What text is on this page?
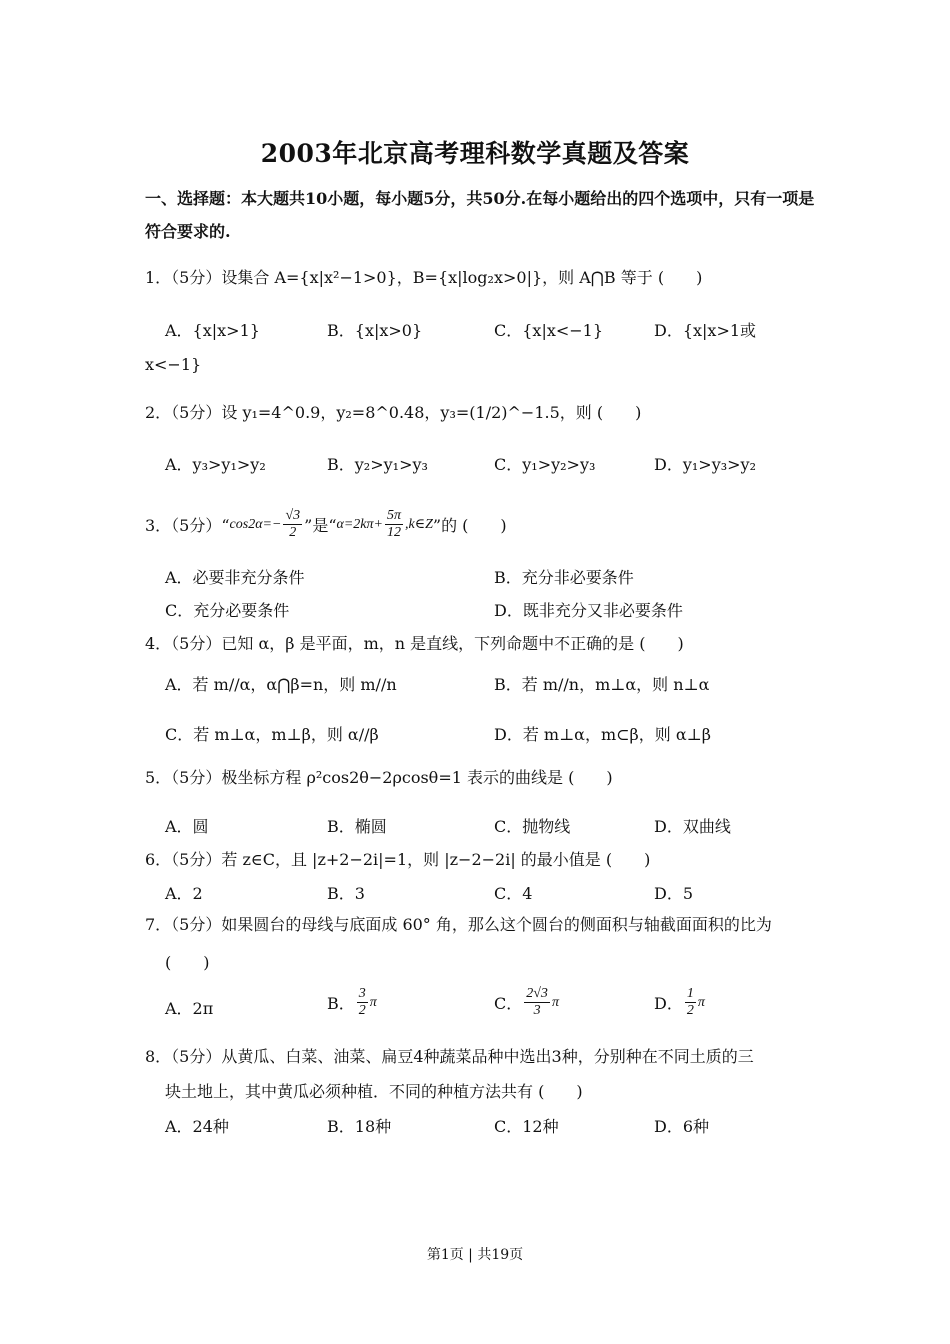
2003年北京高考理科数学真题及答案
一、选择题：本大题共10小题，每小题5分，共50分.在每小题给出的四个选项中，只有一项是符合要求的.
1．（5分）设集合 A={x|x²−1>0}，B={x|log₂x>0|}，则 A⋂B 等于 (　　)
A．{x|x>1}	B．{x|x>0}	C．{x|x<−1}	D．{x|x>1或
x<−1}
2．（5分）设 y₁=4^0.9，y₂=8^0.48，y₃=(1/2)^−1.5，则 (　　)
A．y₃>y₁>y₂	B．y₂>y₁>y₃	C．y₁>y₂>y₃	D．y₁>y₃>y₂
3．（5分）“ $\cos 2\alpha=- \frac{√3}{2}$ ”是“ $\alpha=2k\pi+ \frac{5\pi}{12}$ ,k∈Z ”的 (　　)
A．必要非充分条件	B．充分非必要条件
C．充分必要条件	D．既非充分又非必要条件
4．（5分）已知 α，β 是平面，m，n 是直线，下列命题中不正确的是 (　　)
A．若 m//α，α⋂β=n，则 m//n	B．若 m//n，m⊥α，则 n⊥α
C．若 m⊥α，m⊥β，则 α//β	D．若 m⊥α，m⊂β，则 α⊥β
5．（5分）极坐标方程 ρ²cos2θ−2ρcosθ=1 表示的曲线是 (　　)
A．圆	B．椭圆	C．抛物线	D．双曲线
6．（5分）若 z∈C，且 |z+2−2i|=1，则 |z−2−2i| 的最小值是 (　　)
A．2	B．3	C．4	D．5
7．（5分）如果圆台的母线与底面成 60° 角，那么这个圆台的侧面积与轴截面面积的比为
(　　)
A．2π	B． $\frac{3}{2}$ π	C． $\frac{2√3}{3}$ π	D． $\frac{1}{2}$ π
8．（5分）从黄瓜、白菜、油菜、扁豆4种蔬菜品种中选出3种，分别种在不同土质的三
块土地上，其中黄瓜必须种植．不同的种植方法共有 (　　)
A．24种	B．18种	C．12种	D．6种
第1页 | 共19页
